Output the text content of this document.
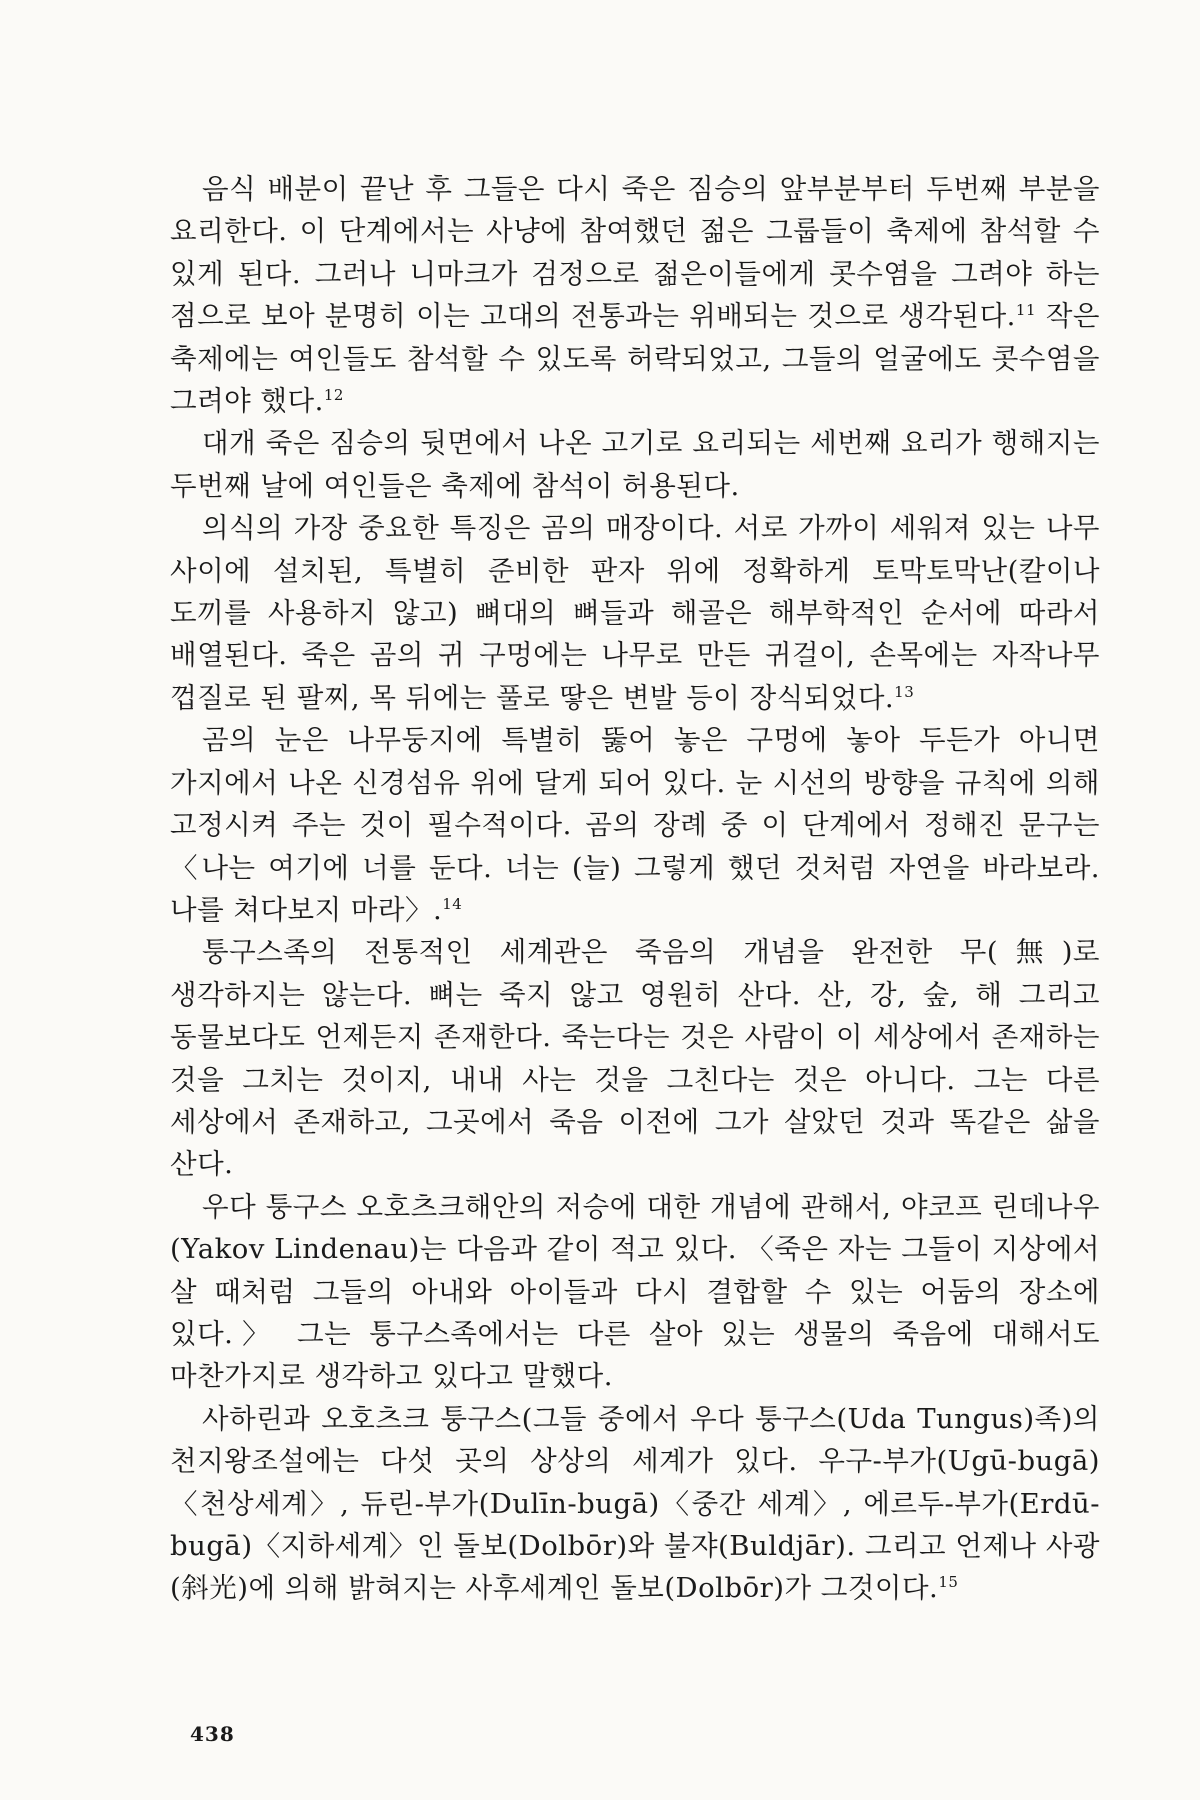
음식 배분이 끝난 후 그들은 다시 죽은 짐승의 앞부분부터 두번째 부분을 요리한다. 이 단계에서는 사냥에 참여했던 젊은 그룹들이 축제에 참석할 수 있게 된다. 그러나 니마크가 검정으로 젊은이들에게 콧수염을 그려야 하는 점으로 보아 분명히 이는 고대의 전통과는 위배되는 것으로 생각된다.$^{11}$ 작은 축제에는 여인들도 참석할 수 있도록 허락되었고, 그들의 얼굴에도 콧수염을 그려야 했다.$^{12}$

대개 죽은 짐승의 뒷면에서 나온 고기로 요리되는 세번째 요리가 행해지는 두번째 날에 여인들은 축제에 참석이 허용된다.

의식의 가장 중요한 특징은 곰의 매장이다. 서로 가까이 세워져 있는 나무 사이에 설치된, 특별히 준비한 판자 위에 정확하게 토막토막난(칼이나 도끼를 사용하지 않고) 뼈대의 뼈들과 해골은 해부학적인 순서에 따라서 배열된다. 죽은 곰의 귀 구멍에는 나무로 만든 귀걸이, 손목에는 자작나무 껍질로 된 팔찌, 목 뒤에는 풀로 땋은 변발 등이 장식되었다.$^{13}$

곰의 눈은 나무둥지에 특별히 뚫어 놓은 구멍에 놓아 두든가 아니면 가지에서 나온 신경섬유 위에 달게 되어 있다. 눈 시선의 방향을 규칙에 의해 고정시켜 주는 것이 필수적이다. 곰의 장례 중 이 단계에서 정해진 문구는 〈나는 여기에 너를 둔다. 너는 (늘) 그렇게 했던 것처럼 자연을 바라보라. 나를 쳐다보지 마라〉.$^{14}$

퉁구스족의 전통적인 세계관은 죽음의 개념을 완전한 무(無)로 생각하지는 않는다. 뼈는 죽지 않고 영원히 산다. 산, 강, 숲, 해 그리고 동물보다도 언제든지 존재한다. 죽는다는 것은 사람이 이 세상에서 존재하는 것을 그치는 것이지, 내내 사는 것을 그친다는 것은 아니다. 그는 다른 세상에서 존재하고, 그곳에서 죽음 이전에 그가 살았던 것과 똑같은 삶을 산다.

우다 퉁구스 오호츠크해안의 저승에 대한 개념에 관해서, 야코프 린데나우(Yakov Lindenau)는 다음과 같이 적고 있다. 〈죽은 자는 그들이 지상에서 살 때처럼 그들의 아내와 아이들과 다시 결합할 수 있는 어둠의 장소에 있다.〉 그는 퉁구스족에서는 다른 살아 있는 생물의 죽음에 대해서도 마찬가지로 생각하고 있다고 말했다.

사하린과 오호츠크 퉁구스(그들 중에서 우다 퉁구스(Uda Tungus)족)의 천지왕조설에는 다섯 곳의 상상의 세계가 있다. 우구-부가(Ugū-bugā)〈천상세계〉, 듀린-부가(Dulīn-bugā)〈중간 세계〉, 에르두-부가(Erdū-bugā)〈지하세계〉인 돌보(Dolbōr)와 불쟈(Buldjār). 그리고 언제나 사광(斜光)에 의해 밝혀지는 사후세계인 돌보(Dolbōr)가 그것이다.$^{15}$

438
